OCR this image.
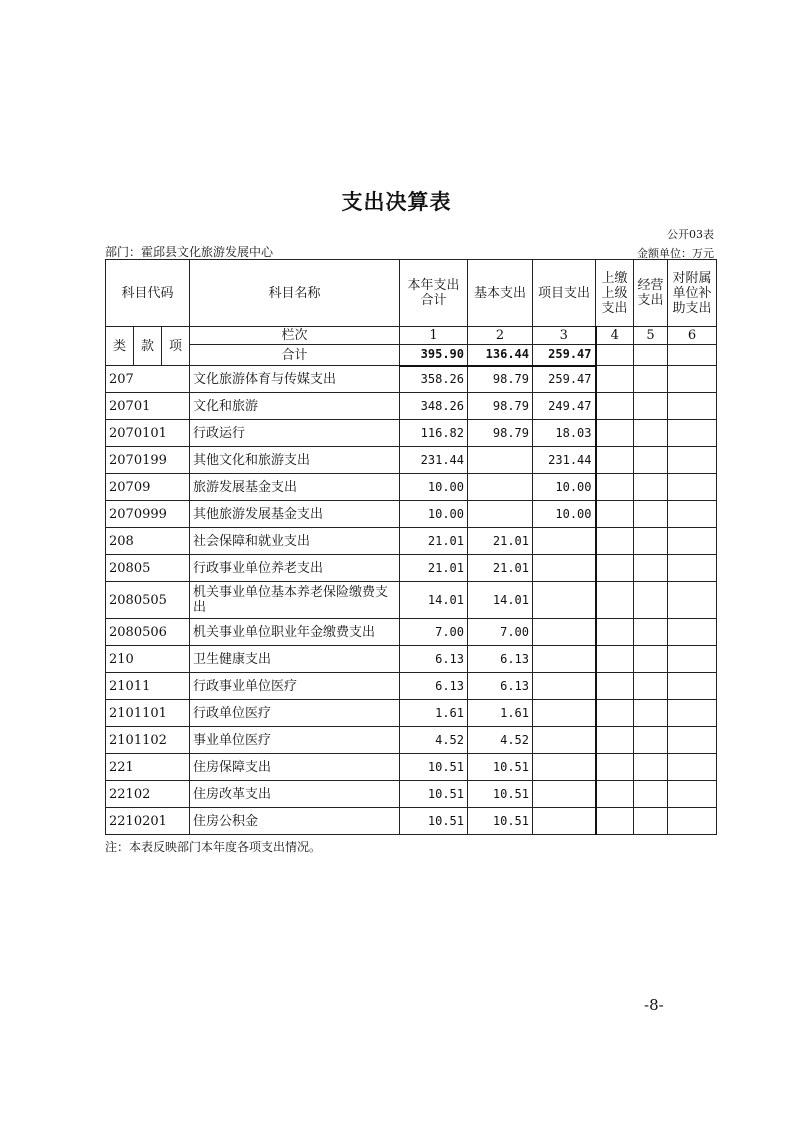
支出决算表
公开03表
部门：霍邱县文化旅游发展中心	金额单位：万元
科目代码			科目名称	本年支出合计	基本支出	项目支出	上缴上级支出	经营支出	对附属单位补助支出

类	款	项	栏次	1	2	3	4	5	6
			合计	395.90	136.44	259.47			
207			文化旅游体育与传媒支出	358.26	98.79	259.47			
20701			文化和旅游	348.26	98.79	249.47			
2070101			行政运行	116.82	98.79	18.03			
2070199			其他文化和旅游支出	231.44		231.44			
20709			旅游发展基金支出	10.00		10.00			
2070999			其他旅游发展基金支出	10.00		10.00			
208			社会保障和就业支出	21.01	21.01				
20805			行政事业单位养老支出	21.01	21.01				
2080505			机关事业单位基本养老保险缴费支出	14.01	14.01				
2080506			机关事业单位职业年金缴费支出	7.00	7.00				
210			卫生健康支出	6.13	6.13				
21011			行政事业单位医疗	6.13	6.13				
2101101			行政单位医疗	1.61	1.61				
2101102			事业单位医疗	4.52	4.52				
221			住房保障支出	10.51	10.51				
22102			住房改革支出	10.51	10.51				
2210201			住房公积金	10.51	10.51				
注：本表反映部门本年度各项支出情况。
-8-
